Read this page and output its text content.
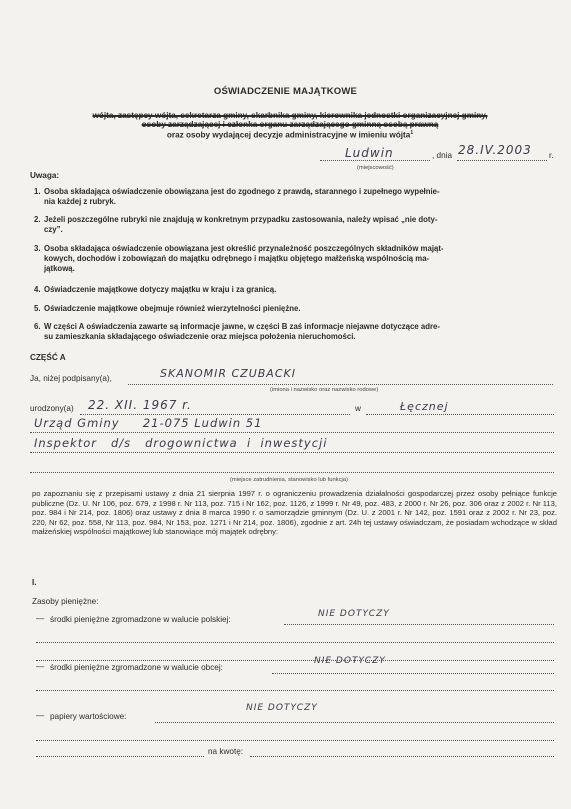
OŚWIADCZENIE MAJĄTKOWE
wójta, zastępcy wójta, sekretarza gminy, skarbnika gminy, kierownika jednostki organizacyjnej gminy,
osoby zarządzającej i członka organu zarządzającego gminną osobą prawną
oraz osoby wydającej decyzje administracyjne w imieniu wójta$^1$
Ludwin	, dnia 28.IV.2003 r.
(miejscowość)
Uwaga:
1. Osoba składająca oświadczenie obowiązana jest do zgodnego z prawdą, starannego i zupełnego wypełnie-
nia każdej z rubryk.
2. Jeżeli poszczególne rubryki nie znajdują w konkretnym przypadku zastosowania, należy wpisać „nie doty-
czy”.
3. Osoba składająca oświadczenie obowiązana jest określić przynależność poszczególnych składników mająt-
kowych, dochodów i zobowiązań do majątku odrębnego i majątku objętego małżeńską wspólnością ma-
jątkową.
4. Oświadczenie majątkowe dotyczy majątku w kraju i za granicą.
5. Oświadczenie majątkowe obejmuje również wierzytelności pieniężne.
6. W części A oświadczenia zawarte są informacje jawne, w części B zaś informacje niejawne dotyczące adre-
su zamieszkania składającego oświadczenie oraz miejsca położenia nieruchomości.
CZĘŚĆ A
Ja, niżej podpisany(a),	SKANOMIR CZUBACKI
(imiona i nazwisko oraz nazwisko rodowe)
urodzony(a) 22. XII. 1967 r.	w	Łęcznej
Urząd Gminy     21-075 Ludwin 51
Inspektor   d/s   drogownictwa  i  inwestycji
(miejsce zatrudnienia, stanowisko lub funkcja)
po zapoznaniu się z przepisami ustawy z dnia 21 sierpnia 1997 r. o ograniczeniu prowadzenia działalności gospodarczej przez osoby pełniące funkcje publiczne (Dz. U. Nr 106, poz. 679, z 1998 r. Nr 113, poz. 715 i Nr 162, poz. 1126, z 1999 r. Nr 49, poz. 483, z 2000 r. Nr 26, poz. 306 oraz z 2002 r. Nr 113, poz. 984 i Nr 214, poz. 1806) oraz ustawy z dnia 8 marca 1990 r. o samorządzie gminnym (Dz. U. z 2001 r. Nr 142, poz. 1591 oraz z 2002 r. Nr 23, poz. 220, Nr 62, poz. 558, Nr 113, poz. 984, Nr 153, poz. 1271 i Nr 214, poz. 1806), zgodnie z art. 24h tej ustawy oświadczam, że posiadam wchodzące w skład małżeńskiej wspólności majątkowej lub stanowiące mój majątek odrębny:
I.
Zasoby pieniężne:
— środki pieniężne zgromadzone w walucie polskiej:
NIE DOTYCZY
— środki pieniężne zgromadzone w walucie obcej:
NIE DOTYCZY
— papiery wartościowe:
NIE DOTYCZY
na kwotę:
